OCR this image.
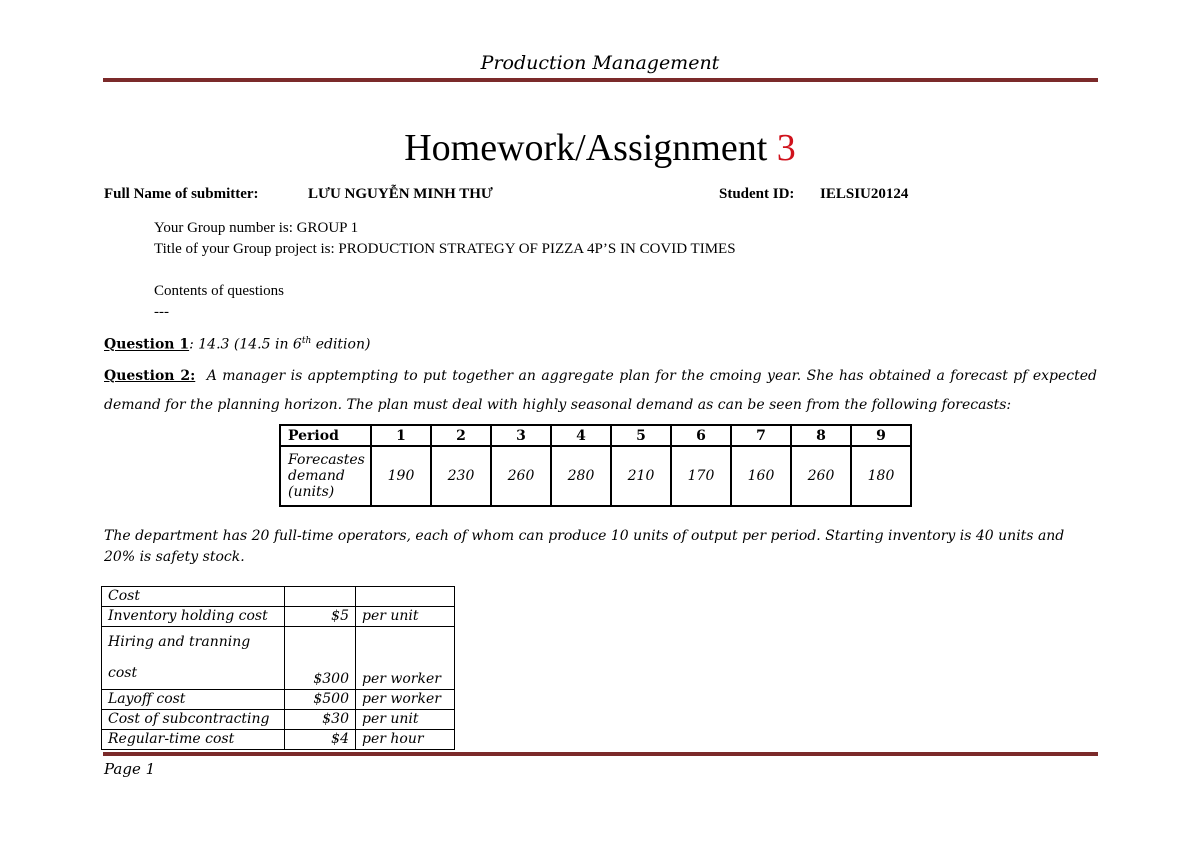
Production Management
Homework/Assignment 3
Full Name of submitter:	LƯU NGUYỄN MINH THƯ	Student ID: IELSIU20124
Your Group number is: GROUP 1
Title of your Group project is: PRODUCTION STRATEGY OF PIZZA 4P’S IN COVID TIMES
Contents of questions
---
Question 1: 14.3 (14.5 in 6th edition)
Question 2: A manager is apptempting to put together an aggregate plan for the cmoing year. She has obtained a forecast pf expected demand for the planning horizon. The plan must deal with highly seasonal demand as can be seen from the following forecasts:
Period	1	2	3	4	5	6	7	8	9
Forecastes demand (units)	190	230	260	280	210	170	160	260	180
The department has 20 full-time operators, each of whom can produce 10 units of output per period. Starting inventory is 40 units and 20% is safety stock.
Cost		
Inventory holding cost	$5	per unit
Hiring and tranning cost	$300	per worker
Layoff cost	$500	per worker
Cost of subcontracting	$30	per unit
Regular-time cost	$4	per hour
Page 1
